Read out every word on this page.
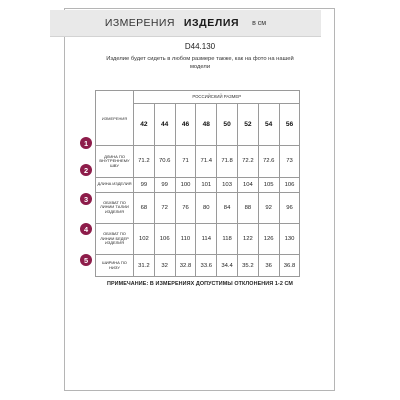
ИЗМЕРЕНИЯ ИЗДЕЛИЯ в см
D44.130
Изделие будет сидеть в любом размере также, как на фото на нашей модели
ИЗМЕРЕНИЯ	РОССИЙСКИЙ РАЗМЕР							
	42	44	46	48	50	52	54	56
ДЛИНА ПО ВНУТРЕННЕМУ ШВУ	71.2	70.6	71	71.4	71.8	72.2	72.6	73
ДЛИНА ИЗДЕЛИЯ	99	99	100	101	103	104	105	106
ОБХВАТ ПО ЛИНИИ ТАЛИИ ИЗДЕЛИЯ	68	72	76	80	84	88	92	96
ОБХВАТ ПО ЛИНИИ БЕДЕР ИЗДЕЛИЯ	102	106	110	114	118	122	126	130
ШИРИНА ПО НИЗУ	31.2	32	32.8	33.6	34.4	35.2	36	36.8
1
2
3
4
5
ПРИМЕЧАНИЕ: В ИЗМЕРЕНИЯХ ДОПУСТИМЫ ОТКЛОНЕНИЯ 1-2 СМ
